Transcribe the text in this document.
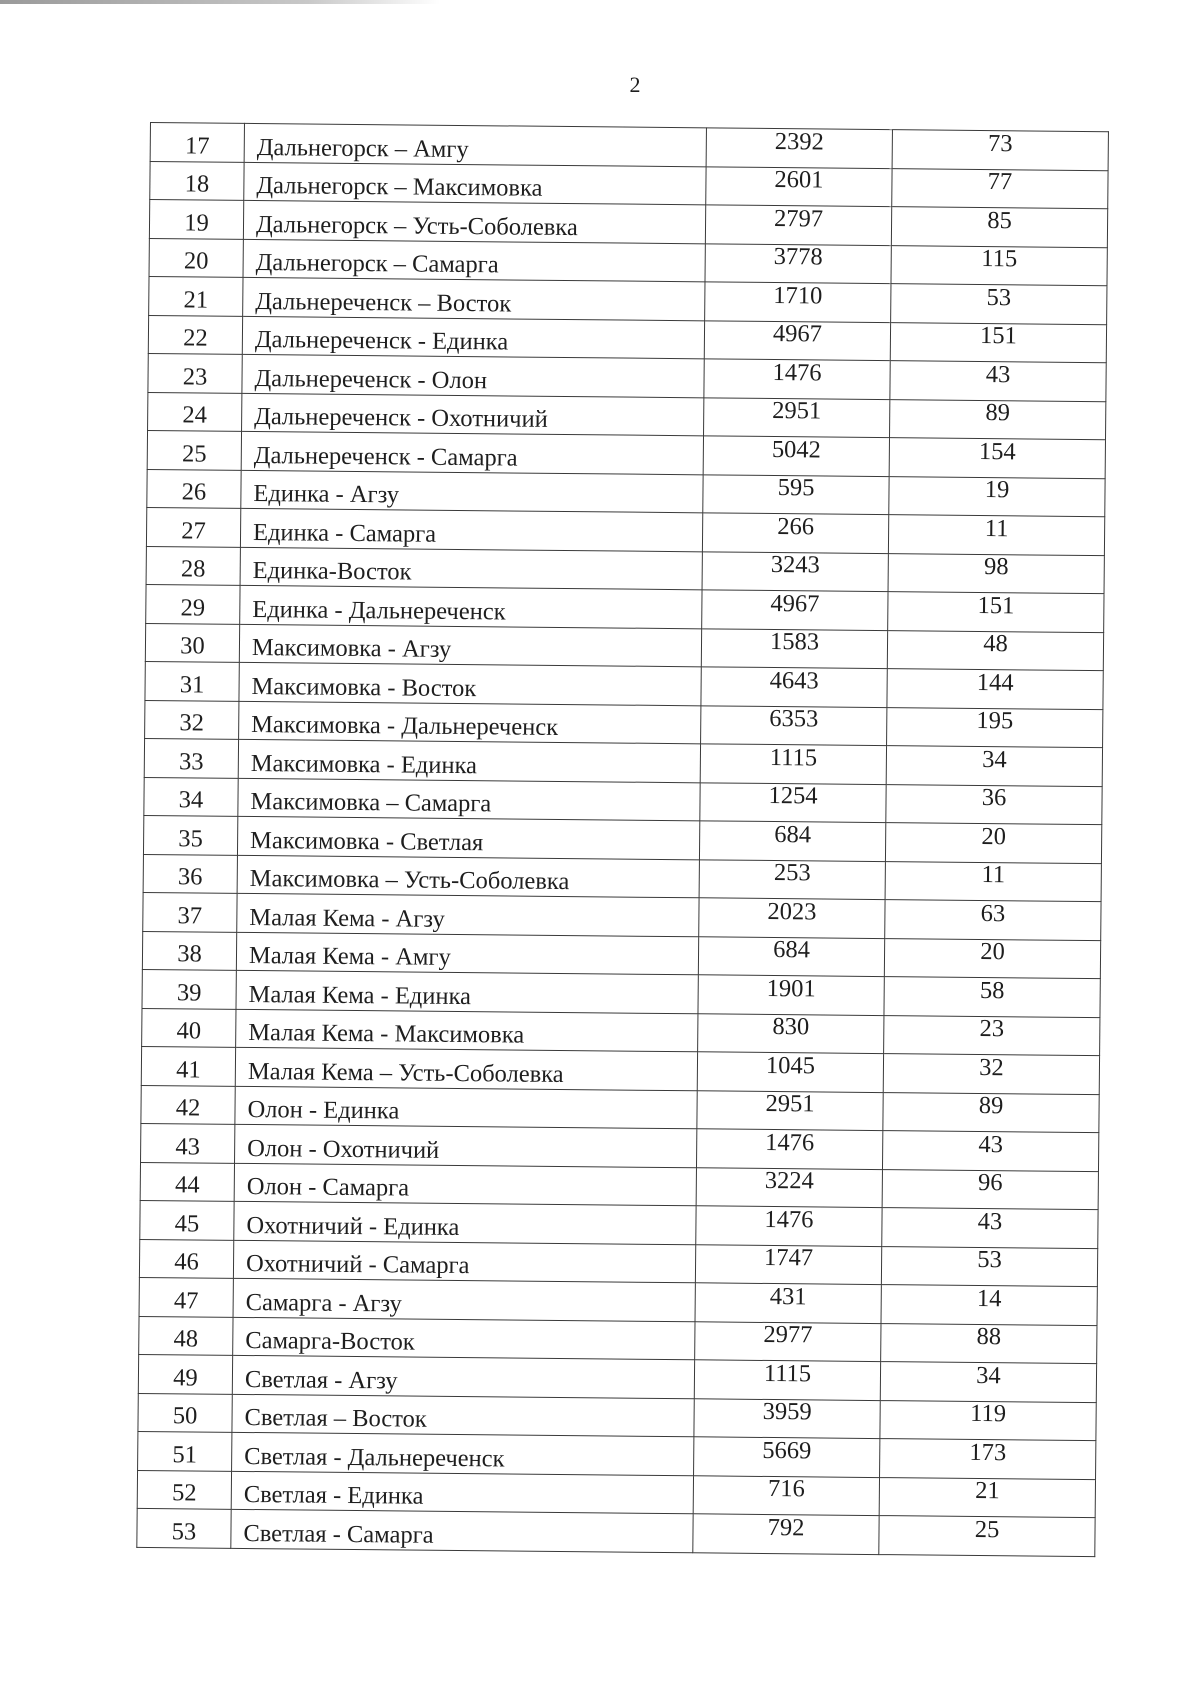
2
17	Дальнегорск – Амгу	2392	73
18	Дальнегорск – Максимовка	2601	77
19	Дальнегорск – Усть-Соболевка	2797	85
20	Дальнегорск – Самарга	3778	115
21	Дальнереченск – Восток	1710	53
22	Дальнереченск - Единка	4967	151
23	Дальнереченск - Олон	1476	43
24	Дальнереченск - Охотничий	2951	89
25	Дальнереченск - Самарга	5042	154
26	Единка - Агзу	595	19
27	Единка - Самарга	266	11
28	Единка-Восток	3243	98
29	Единка - Дальнереченск	4967	151
30	Максимовка - Агзу	1583	48
31	Максимовка - Восток	4643	144
32	Максимовка - Дальнереченск	6353	195
33	Максимовка - Единка	1115	34
34	Максимовка – Самарга	1254	36
35	Максимовка - Светлая	684	20
36	Максимовка – Усть-Соболевка	253	11
37	Малая Кема - Агзу	2023	63
38	Малая Кема - Амгу	684	20
39	Малая Кема - Единка	1901	58
40	Малая Кема - Максимовка	830	23
41	Малая Кема – Усть-Соболевка	1045	32
42	Олон - Единка	2951	89
43	Олон - Охотничий	1476	43
44	Олон - Самарга	3224	96
45	Охотничий - Единка	1476	43
46	Охотничий - Самарга	1747	53
47	Самарга - Агзу	431	14
48	Самарга-Восток	2977	88
49	Светлая - Агзу	1115	34
50	Светлая – Восток	3959	119
51	Светлая - Дальнереченск	5669	173
52	Светлая - Единка	716	21
53	Светлая - Самарга	792	25
